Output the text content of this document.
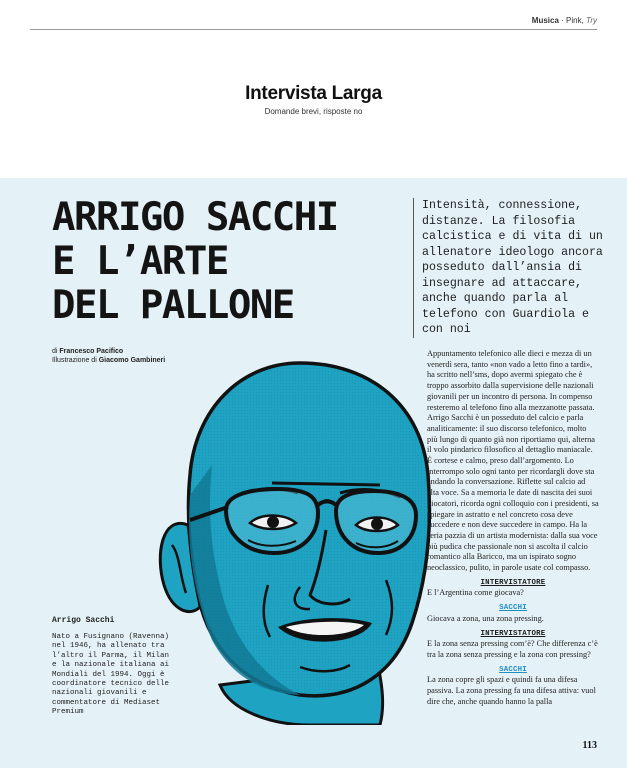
Musica · Pink, Try
Intervista Larga
Domande brevi, risposte no
ARRIGO SACCHI
E L’ARTE
DEL PALLONE
Intensità, connessione, distanze. La filosofia calcistica e di vita di un allenatore ideologo ancora posseduto dall’ansia di insegnare ad attaccare, anche quando parla al telefono con Guardiola e con noi
di Francesco Pacifico
Illustrazione di Giacomo Gambineri
Arrigo Sacchi
Nato a Fusignano (Ravenna) nel 1946, ha allenato tra l’altro il Parma, il Milan e la nazionale italiana ai Mondiali del 1994. Oggi è coordinatore tecnico delle nazionali giovanili e commentatore di Mediaset Premium

Appuntamento telefonico alle dieci e mezza di un venerdì sera, tanto «non vado a letto fino a tardi», ha scritto nell’sms, dopo avermi spiegato che è troppo assorbito dalla supervisione delle nazionali giovanili per un incontro di persona. In compenso resteremo al telefono fino alla mezzanotte passata. Arrigo Sacchi è un posseduto del calcio e parla analiticamente: il suo discorso telefonico, molto più lungo di quanto già non riportiamo qui, alterna il volo pindarico filosofico al dettaglio maniacale. È cortese e calmo, preso dall’argomento. Lo interrompo solo ogni tanto per ricordargli dove sta andando la conversazione. Riflette sul calcio ad alta voce. Sa a memoria le date di nascita dei suoi giocatori, ricorda ogni colloquio con i presidenti, sa spiegare in astratto e nel concreto cosa deve succedere e non deve succedere in campo. Ha la seria pazzia di un artista modernista: dalla sua voce più pudica che passionale non si ascolta il calcio romantico alla Baricco, ma un ispirato sogno neoclassico, pulito, in parole usate col compasso.

INTERVISTATORE

E l’Argentina come giocava?

SACCHI

Giocava a zona, una zona pressing.

INTERVISTATORE

E la zona senza pressing com’è? Che differenza c’è tra la zona senza pressing e la zona con pressing?

SACCHI

La zona copre gli spazi e quindi fa una difesa passiva. La zona pressing fa una difesa attiva: vuol dire che, anche quando hanno la palla

113
